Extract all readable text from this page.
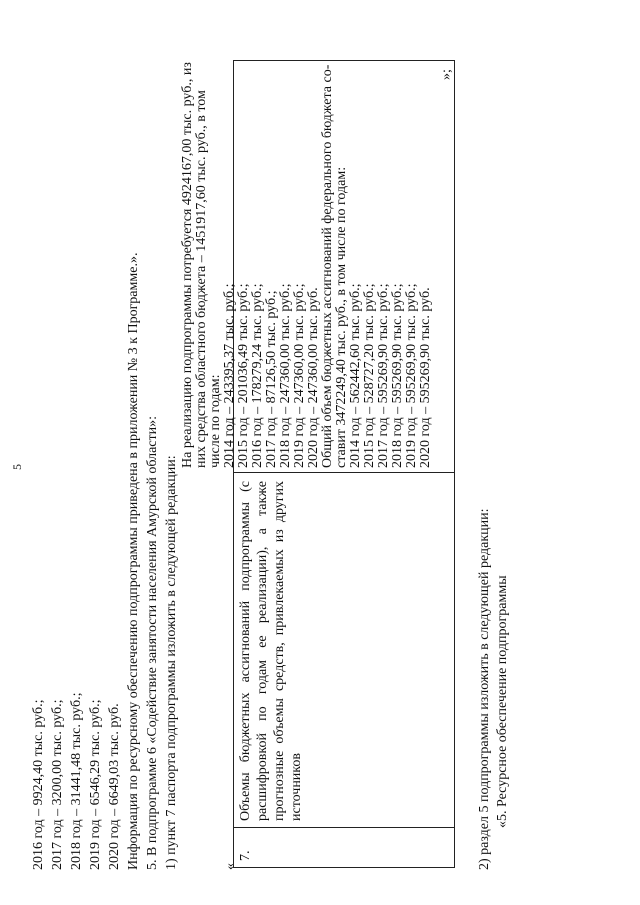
5
2016 год – 9924,40 тыс. руб.; 2017 год – 3200,00 тыс. руб.; 2018 год – 31441,48 тыс. руб.; 2019 год – 6546,29 тыс. руб.; 2020 год – 6649,03 тыс. руб. Информация по ресурсному обеспечению подпрограммы приведена в приложении № 3 к Программе.». 5. В подпрограмме 6 «Содействие занятости населения Амурской области»: 1) пункт 7 паспорта подпрограммы изложить в следующей редакции:	«
7.
Объемы бюджетных ассигнований подпрограммы (с расшифровкой по годам ее реализации), а также прогнозные объемы средств, привлекаемых из других источников
На реализацию подпрограммы потребуется 4924167,00 тыс. руб., из них средства областного бюджета – 1451917,60 тыс. руб., в том числе по годам: 2014 год – 243395,37 тыс. руб.; 2015 год – 201036,49 тыс. руб.; 2016 год – 178279,24 тыс. руб.; 2017 год – 87126,50 тыс. руб.; 2018 год – 247360,00 тыс. руб.; 2019 год – 247360,00 тыс. руб.; 2020 год – 247360,00 тыс. руб. Общий объем бюджетных ассигнований федерального бюджета со- ставит 3472249,40 тыс. руб., в том числе по годам: 2014 год – 562442,60 тыс. руб.; 2015 год – 528727,20 тыс. руб.; 2017 год – 595269,90 тыс. руб.; 2018 год – 595269,90 тыс. руб.; 2019 год – 595269,90 тыс. руб.; 2020 год – 595269,90 тыс. руб.
»;
2) раздел 5 подпрограммы изложить в следующей редакции: «5. Ресурсное обеспечение подпрограммы
